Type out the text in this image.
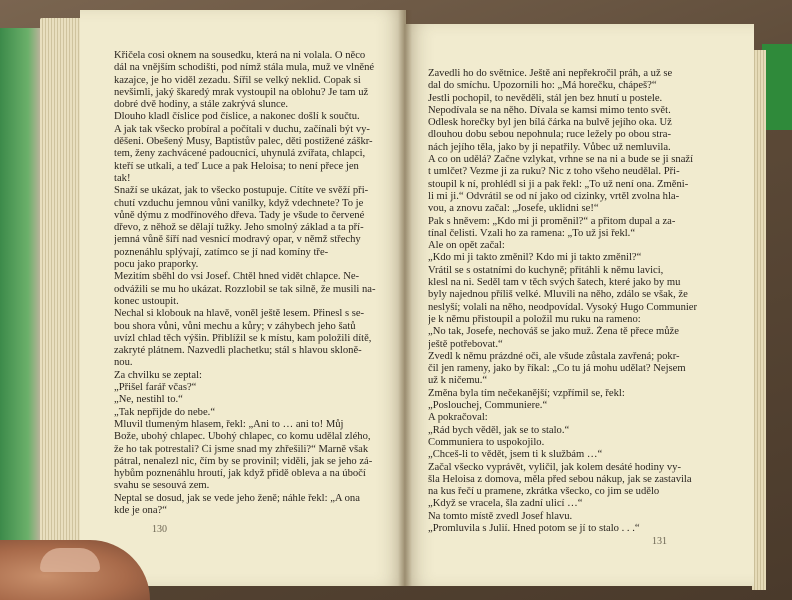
Křičela cosi oknem na sousedku, která na ni volala. O něco
dál na vnějším schodišti, pod nímž stála mula, muž ve vlněné
kazajce, je ho viděl zezadu. Šířil se velký neklid. Copak si
nevšimli, jaký škaredý mrak vystoupil na oblohu? Je tam už
dobré dvě hodiny, a stále zakrývá slunce.
Dlouho kladl číslice pod číslice, a nakonec došlí k součtu.
A jak tak všecko probíral a počítali v duchu, začínali být vy-
děšeni. Obešený Musy, Baptistův palec, děti postižené záškr-
tem, ženy zachvácené padoucnicí, uhynulá zvířata, chlapci,
kteří se utkali, a teď Luce a pak Heloisa; to není přece jen
tak!
Snaží se ukázat, jak to všecko postupuje. Cítíte ve svěží při-
chutí vzduchu jemnou vůni vanilky, když vdechnete? To je
vůně dýmu z modřínového dřeva. Tady je všude to červené
dřevo, z něhož se dělají tužky. Jeho smolný základ a ta pří-
jemná vůně šíří nad vesnicí modravý opar, v němž střechy
poznenáhlu splývají, zatímco se jí nad komíny tře-
pocu jako praporky.
Mezitím sběhl do vsi Josef. Chtěl hned vidět chlapce. Ne-
odvážili se mu ho ukázat. Rozzlobil se tak silně, že musili na-
konec ustoupit.
Nechal si klobouk na hlavě, voněl ještě lesem. Přinesl s se-
bou shora vůni, vůni mechu a kůry; v záhybech jeho šatů
uvízl chlad těch výšin. Přiblížil se k místu, kam položili dítě,
zakryté plátnem. Nazvedli plachetku; stál s hlavou skloně-
nou.
Za chvilku se zeptal:
„Přišel farář včas?“
„Ne, nestihl to.“
„Tak nepřijde do nebe.“
Mluvil tlumeným hlasem, řekl: „Ani to … ani to! Můj
Bože, ubohý chlapec. Ubohý chlapec, co komu udělal zlého,
že ho tak potrestali? Či jsme snad my zhřešili?“ Marně však
pátral, nenalezl nic, čím by se provinil; viděli, jak se jeho zá-
hybům poznenáhlu hroutí, jak když přidě obleva a na úbočí
svahu se sesouvá zem.
Neptal se dosud, jak se vede jeho ženě; náhle řekl: „A ona
kde je ona?“
130
Zavedli ho do světnice. Ještě ani nepřekročil práh, a už se
dal do smíchu. Upozornili ho: „Má horečku, chápeš?“
Jestli pochopil, to nevěděli, stál jen bez hnutí u postele.
Nepodívala se na něho. Dívala se kamsi mimo tento svět.
Odlesk horečky byl jen bílá čárka na bulvě jejího oka. Už
dlouhou dobu sebou nepohnula; ruce ležely po obou stra-
nách jejího těla, jako by ji nepatřily. Vůbec už nemluvila.
A co on udělá? Začne vzlykat, vrhne se na ni a bude se ji snaží
t umlčet? Vezme ji za ruku? Nic z toho všeho neudělal. Při-
stoupil k ní, prohlédl si ji a pak řekl: „To už není ona. Změni-
li mi ji.“ Odvrátil se od ní jako od cizinky, vrtěl zvolna hla-
vou, a znovu začal: „Josefe, uklidni se!“
Pak s hněvem: „Kdo mi ji proměnil?“ a přitom dupal a za-
tínal čelisti. Vzali ho za ramena: „To už jsi řekl.“
Ale on opět začal:
„Kdo mi ji takto změnil? Kdo mi ji takto změnil?“
Vrátil se s ostatními do kuchyně; přitáhli k němu lavici,
klesl na ni. Seděl tam v těch svých šatech, které jako by mu
byly najednou příliš velké. Mluvili na něho, zdálo se však, že
neslyší; volali na něho, neodpovídal. Vysoký Hugo Communier
je k němu přistoupil a položil mu ruku na rameno:
„No tak, Josefe, nechováš se jako muž. Žena tě přece může
ještě potřebovat.“
Zvedl k němu prázdné oči, ale všude zůstala zavřená; pokr-
čil jen rameny, jako by říkal: „Co tu já mohu udělat? Nejsem
už k ničemu.“
Změna byla tím nečekanější; vzpřímil se, řekl:
„Poslouchej, Communiere.“
A pokračoval:
„Rád bych věděl, jak se to stalo.“
Communiera to uspokojilo.
„Chceš-li to vědět, jsem ti k službám …“
Začal všecko vyprávět, vyličil, jak kolem desáté hodiny vy-
šla Heloisa z domova, měla před sebou nákup, jak se zastavila
na kus řečí u pramene, zkrátka všecko, co jim se udělo
„Když se vracela, šla zadní ulicí …“
Na tomto místě zvedl Josef hlavu.
„Promluvila s Julií. Hned potom se jí to stalo . . .“
131
